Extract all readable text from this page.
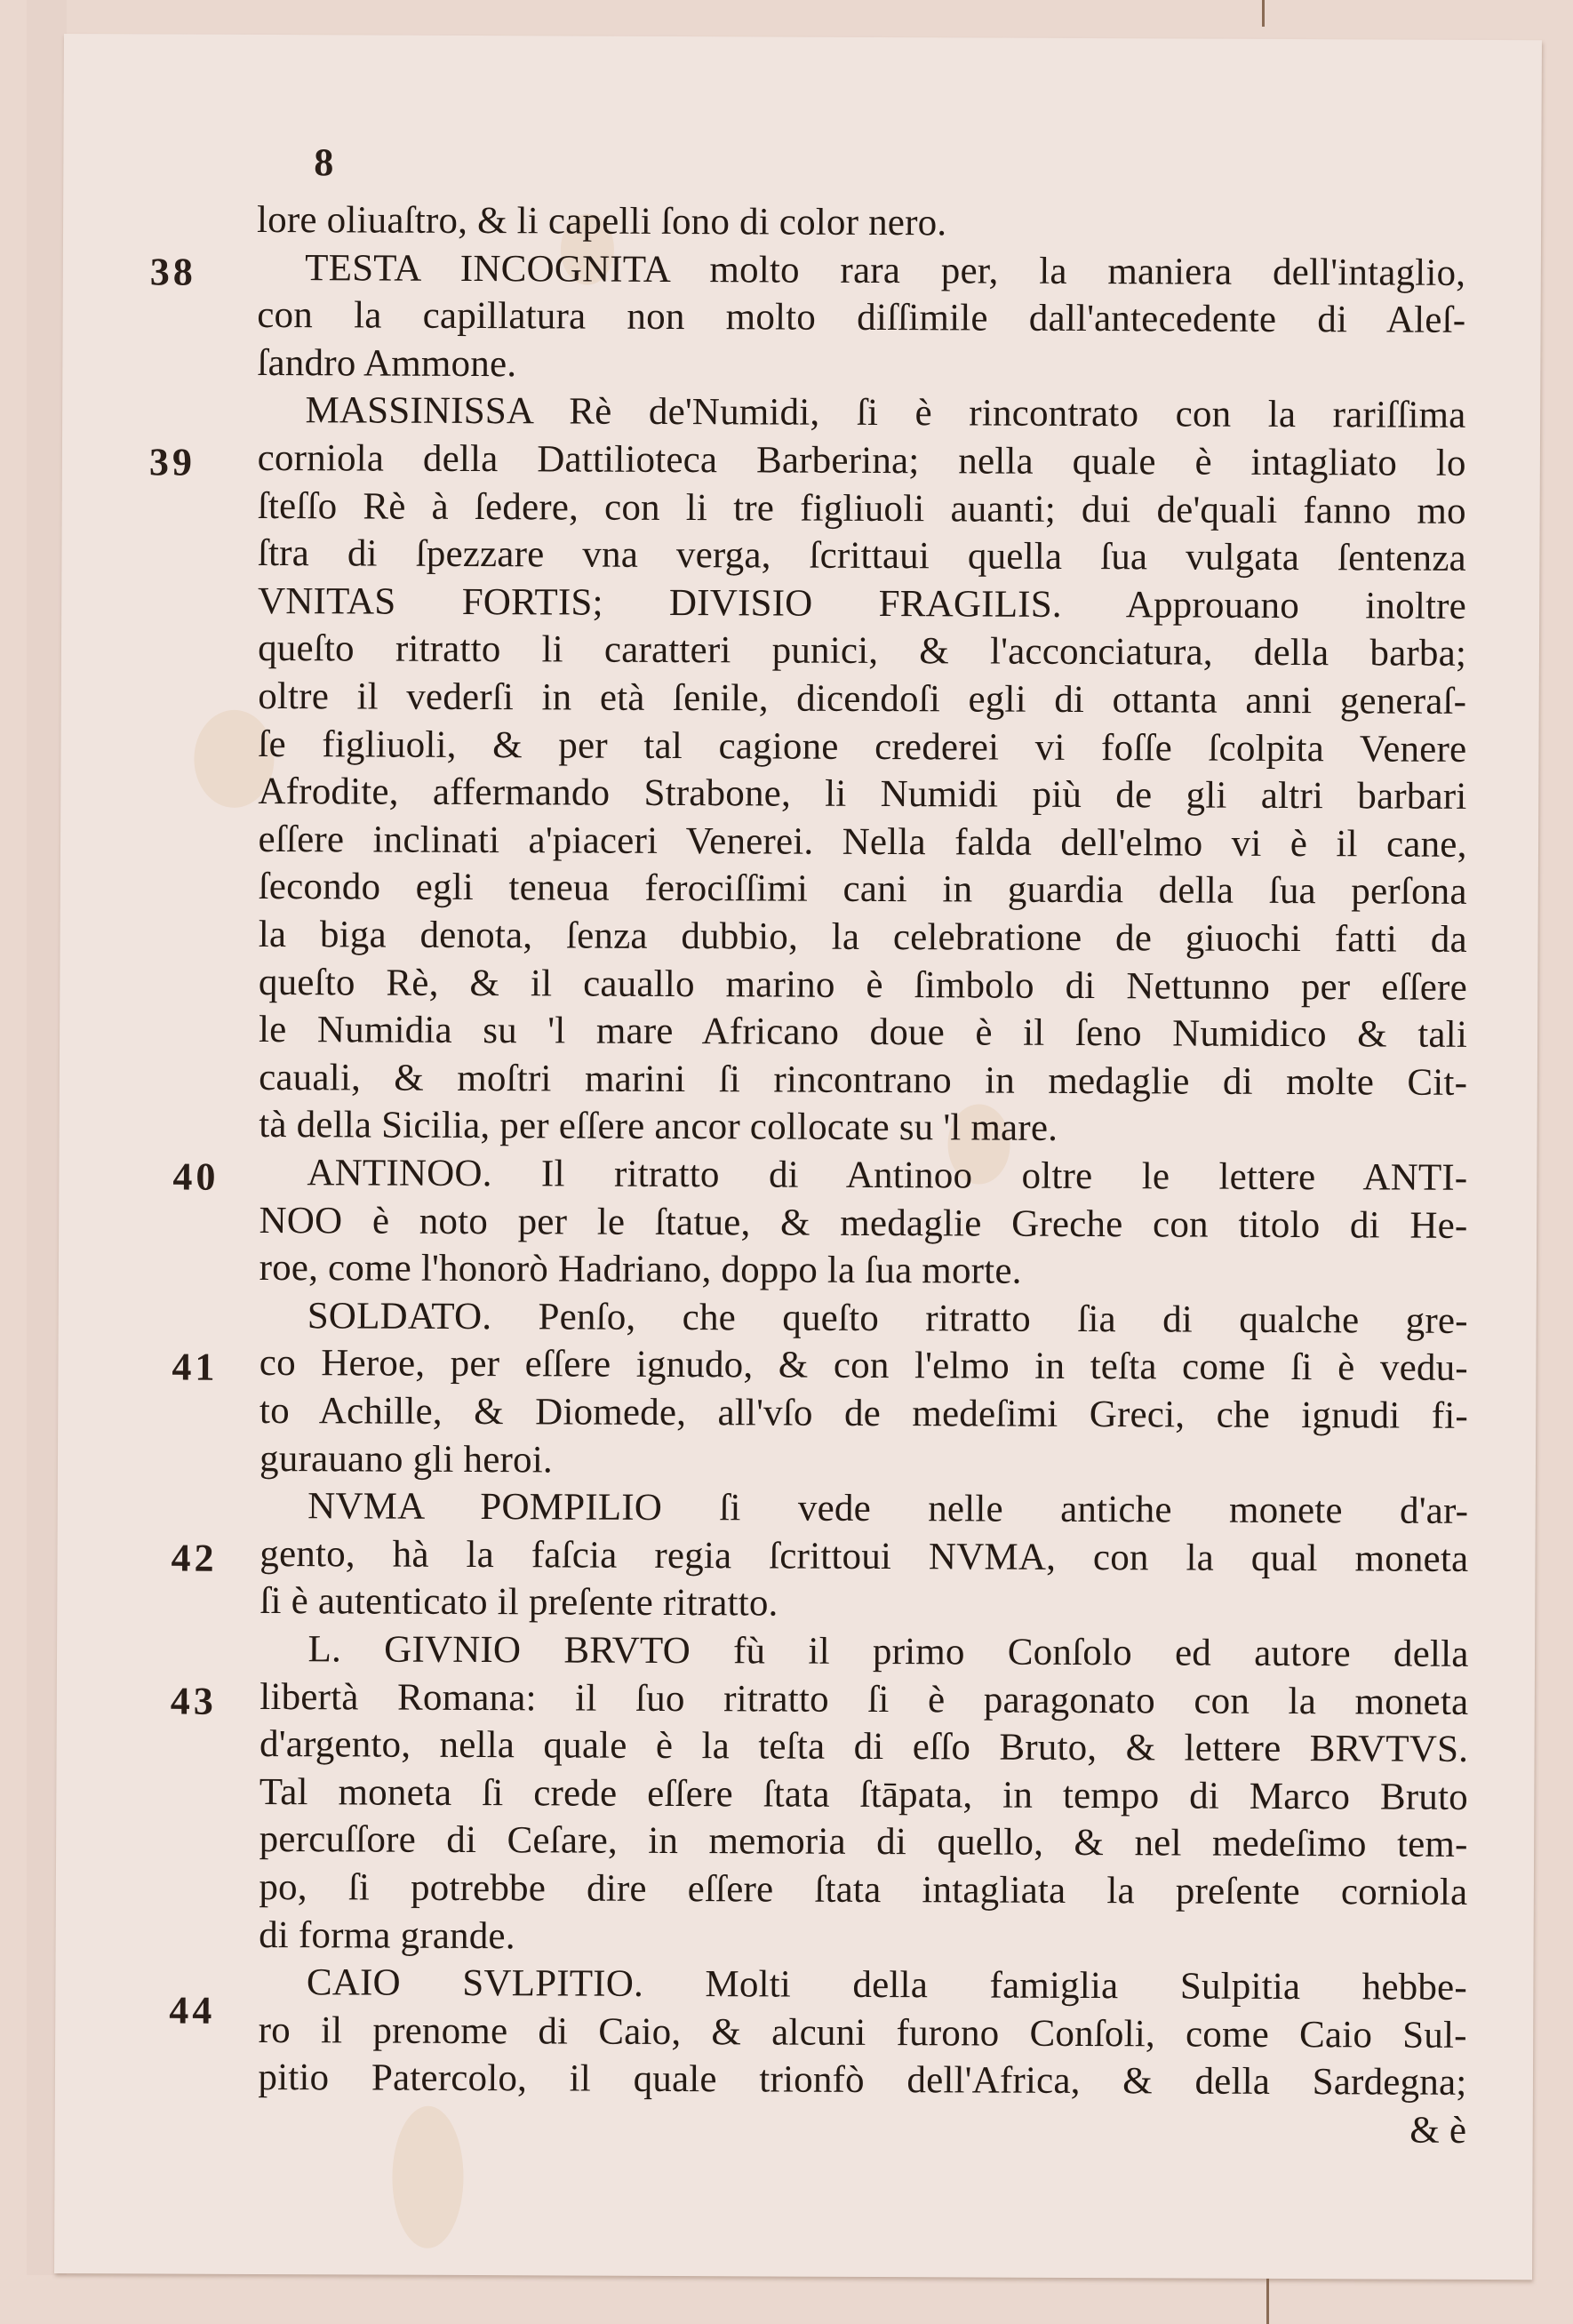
8
lore oliuaſtro, & li capelli ſono di color nero.
TESTA INCOGNITA molto rara per, la maniera dell'intaglio,
con la capillatura non molto diſſimile dall'antecedente di Aleſ-
ſandro Ammone.
MASSINISSA Rè de'Numidi, ſi è rincontrato con la rariſſima
corniola della Dattilioteca Barberina; nella quale è intagliato lo
ſteſſo Rè à ſedere, con li tre figliuoli auanti; dui de'quali fanno mo
ſtra di ſpezzare vna verga, ſcrittaui quella ſua vulgata ſentenza
VNITAS FORTIS; DIVISIO FRAGILIS. Approuano inoltre
queſto ritratto li caratteri punici, & l'acconciatura, della barba;
oltre il vederſi in età ſenile, dicendoſi egli di ottanta anni generaſ-
ſe figliuoli, & per tal cagione crederei vi foſſe ſcolpita Venere
Afrodite, affermando Strabone, li Numidi più de gli altri barbari
eſſere inclinati a'piaceri Venerei. Nella falda dell'elmo vi è il cane,
ſecondo egli teneua ferociſſimi cani in guardia della ſua perſona
la biga denota, ſenza dubbio, la celebratione de giuochi fatti da
queſto Rè, & il cauallo marino è ſimbolo di Nettunno per eſſere
le Numidia su 'l mare Africano doue è il ſeno Numidico & tali
cauali, & moſtri marini ſi rincontrano in medaglie di molte Cit-
tà della Sicilia, per eſſere ancor collocate su 'l mare.
ANTINOO. Il ritratto di Antinoo oltre le lettere ANTI-
NOO è noto per le ſtatue, & medaglie Greche con titolo di He-
roe, come l'honorò Hadriano, doppo la ſua morte.
SOLDATO. Penſo, che queſto ritratto ſia di qualche gre-
co Heroe, per eſſere ignudo, & con l'elmo in teſta come ſi è vedu-
to Achille, & Diomede, all'vſo de medeſimi Greci, che ignudi fi-
gurauano gli heroi.
NVMA POMPILIO ſi vede nelle antiche monete d'ar-
gento, hà la faſcia regia ſcrittoui NVMA, con la qual moneta
ſi è autenticato il preſente ritratto.
L. GIVNIO BRVTO fù il primo Conſolo ed autore della
libertà Romana: il ſuo ritratto ſi è paragonato con la moneta
d'argento, nella quale è la teſta di eſſo Bruto, & lettere BRVTVS.
Tal moneta ſi crede eſſere ſtata ſtāpata, in tempo di Marco Bruto
percuſſore di Ceſare, in memoria di quello, & nel medeſimo tem-
po, ſi potrebbe dire eſſere ſtata intagliata la preſente corniola
di forma grande.
CAIO SVLPITIO. Molti della famiglia Sulpitia hebbe-
ro il prenome di Caio, & alcuni furono Conſoli, come Caio Sul-
pitio Patercolo, il quale trionfò dell'Africa, & della Sardegna;
& è
38
39
40
41
42
43
44
